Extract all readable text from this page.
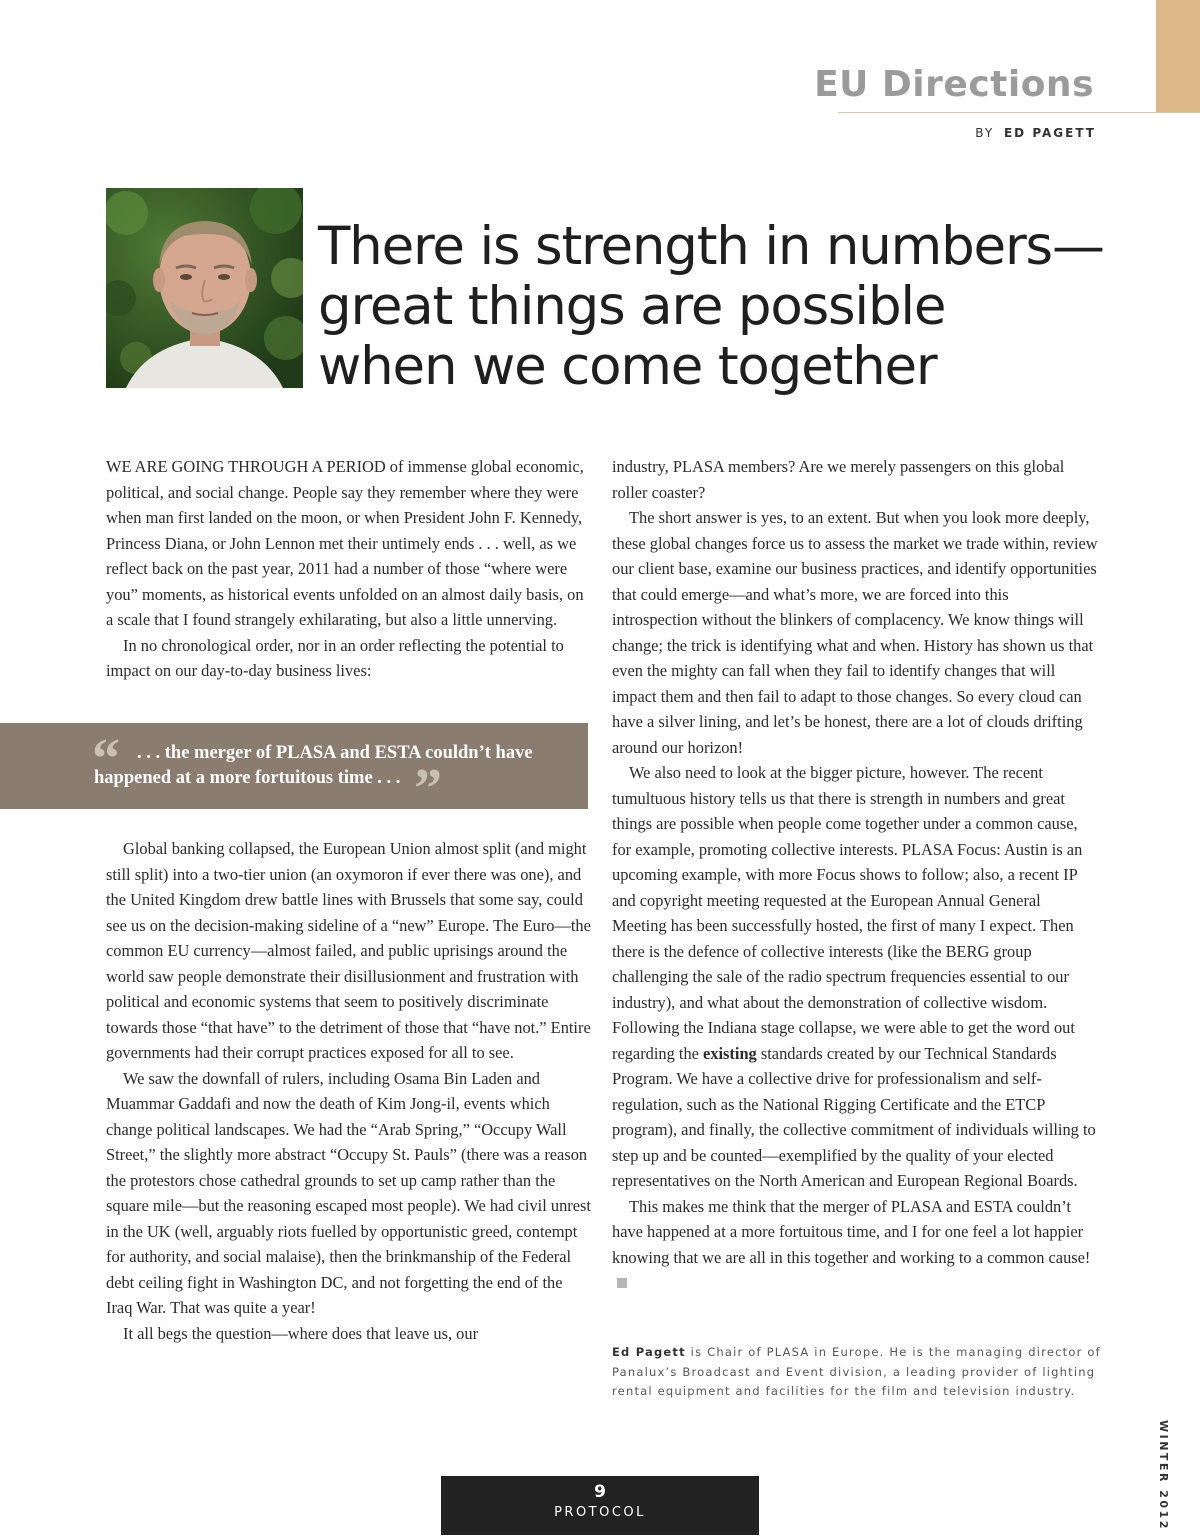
EU Directions
BY ED PAGETT
There is strength in numbers—
great things are possible
when we come together

WE ARE GOING THROUGH A PERIOD of immense global economic, political, and social change. People say they remember where they were when man first landed on the moon, or when President John F. Kennedy, Princess Diana, or John Lennon met their untimely ends . . . well, as we reflect back on the past year, 2011 had a number of those “where were you” moments, as historical events unfolded on an almost daily basis, on a scale that I found strangely exhilarating, but also a little unnerving.

In no chronological order, nor in an order reflecting the potential to impact on our day-to-day business lives:

“ . . . the merger of PLASA and ESTA couldn’t have
happened at a more fortuitous time . . . ”

Global banking collapsed, the European Union almost split (and might still split) into a two-tier union (an oxymoron if ever there was one), and the United Kingdom drew battle lines with Brussels that some say, could see us on the decision-making sideline of a “new” Europe. The Euro—the common EU currency—almost failed, and public uprisings around the world saw people demonstrate their disillusionment and frustration with political and economic systems that seem to positively discriminate towards those “that have” to the detriment of those that “have not.” Entire governments had their corrupt practices exposed for all to see.

We saw the downfall of rulers, including Osama Bin Laden and Muammar Gaddafi and now the death of Kim Jong-il, events which change political landscapes. We had the “Arab Spring,” “Occupy Wall Street,” the slightly more abstract “Occupy St. Pauls” (there was a reason the protestors chose cathedral grounds to set up camp rather than the square mile—but the reasoning escaped most people). We had civil unrest in the UK (well, arguably riots fuelled by opportunistic greed, contempt for authority, and social malaise), then the brinkmanship of the Federal debt ceiling fight in Washington DC, and not forgetting the end of the Iraq War. That was quite a year!

It all begs the question—where does that leave us, our

industry, PLASA members? Are we merely passengers on this global roller coaster?

The short answer is yes, to an extent. But when you look more deeply, these global changes force us to assess the market we trade within, review our client base, examine our business practices, and identify opportunities that could emerge—and what’s more, we are forced into this introspection without the blinkers of complacency. We know things will change; the trick is identifying what and when. History has shown us that even the mighty can fall when they fail to identify changes that will impact them and then fail to adapt to those changes. So every cloud can have a silver lining, and let’s be honest, there are a lot of clouds drifting around our horizon!

We also need to look at the bigger picture, however. The recent tumultuous history tells us that there is strength in numbers and great things are possible when people come together under a common cause, for example, promoting collective interests. PLASA Focus: Austin is an upcoming example, with more Focus shows to follow; also, a recent IP and copyright meeting requested at the European Annual General Meeting has been successfully hosted, the first of many I expect. Then there is the defence of collective interests (like the BERG group challenging the sale of the radio spectrum frequencies essential to our industry), and what about the demonstration of collective wisdom. Following the Indiana stage collapse, we were able to get the word out regarding the existing standards created by our Technical Standards Program. We have a collective drive for professionalism and self-regulation, such as the National Rigging Certificate and the ETCP program), and finally, the collective commitment of individuals willing to step up and be counted—exemplified by the quality of your elected representatives on the North American and European Regional Boards.

This makes me think that the merger of PLASA and ESTA couldn’t have happened at a more fortuitous time, and I for one feel a lot happier knowing that we are all in this together and working to a common cause!

Ed Pagett is Chair of PLASA in Europe. He is the managing director of Panalux’s Broadcast and Event division, a leading provider of lighting rental equipment and facilities for the film and television industry.
WINTER 2012
9
PROTOCOL
